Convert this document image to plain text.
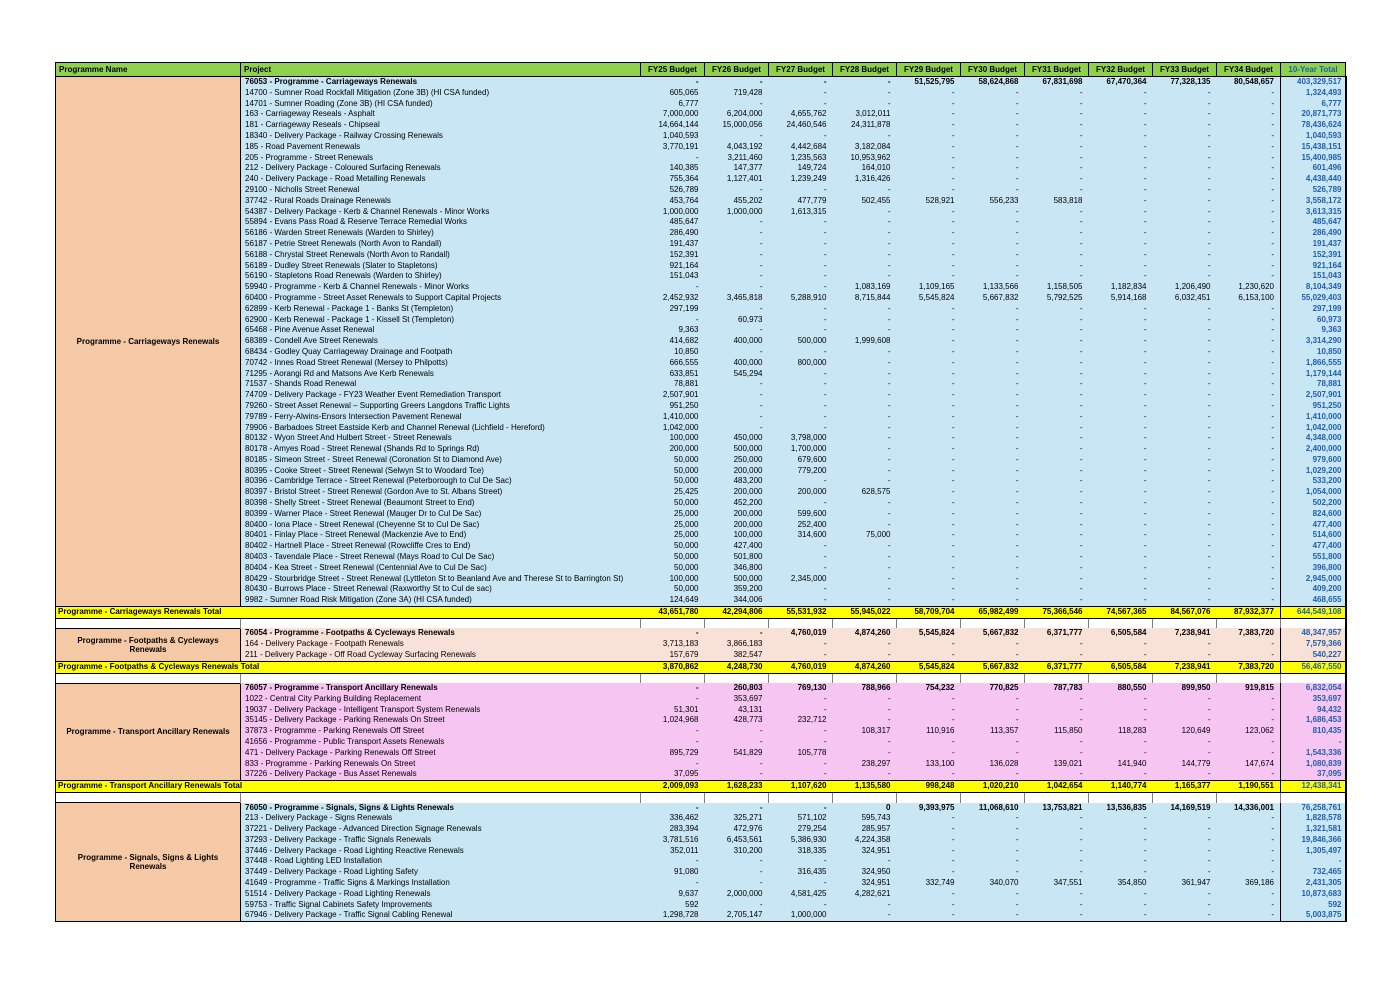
Programme Name	Project	FY25 Budget	FY26 Budget	FY27 Budget	FY28 Budget	FY29 Budget	FY30 Budget	FY31 Budget	FY32 Budget	FY33 Budget	FY34 Budget	10-Year Total
Programme - Carriageways Renewals	76053 - Programme - Carriageways Renewals	-	-	-	-	51,525,795	58,624,868	67,831,698	67,470,364	77,328,135	80,548,657	403,329,517
	14700 - Sumner Road Rockfall Mitigation (Zone 3B) (HI CSA funded)	605,065	719,428	-	-	-	-	-	-	-	-	1,324,493
	14701 - Sumner Roading (Zone 3B) (HI CSA funded)	6,777	-	-	-	-	-	-	-	-	-	6,777
	163 - Carriageway Reseals - Asphalt	7,000,000	6,204,000	4,655,762	3,012,011	-	-	-	-	-	-	20,871,773
	181 - Carriageway Reseals - Chipseal	14,664,144	15,000,056	24,460,546	24,311,878	-	-	-	-	-	-	78,436,624
	18340 - Delivery Package - Railway Crossing Renewals	1,040,593	-	-	-	-	-	-	-	-	-	1,040,593
	185 - Road Pavement Renewals	3,770,191	4,043,192	4,442,684	3,182,084	-	-	-	-	-	-	15,438,151
	205 - Programme - Street Renewals	-	3,211,460	1,235,563	10,953,962	-	-	-	-	-	-	15,400,985
	212 - Delivery Package - Coloured Surfacing Renewals	140,385	147,377	149,724	164,010	-	-	-	-	-	-	601,496
	240 - Delivery Package - Road Metalling Renewals	755,364	1,127,401	1,239,249	1,316,426	-	-	-	-	-	-	4,438,440
	29100 - Nicholls Street Renewal	526,789	-	-	-	-	-	-	-	-	-	526,789
	37742 - Rural Roads Drainage Renewals	453,764	455,202	477,779	502,455	528,921	556,233	583,818	-	-	-	3,558,172
	54387 - Delivery Package - Kerb & Channel Renewals - Minor Works	1,000,000	1,000,000	1,613,315	-	-	-	-	-	-	-	3,613,315
	55894 - Evans Pass Road & Reserve Terrace Remedial Works	485,647	-	-	-	-	-	-	-	-	-	485,647
	56186 - Warden Street Renewals (Warden to Shirley)	286,490	-	-	-	-	-	-	-	-	-	286,490
	56187 - Petrie Street Renewals (North Avon to Randall)	191,437	-	-	-	-	-	-	-	-	-	191,437
	56188 - Chrystal Street Renewals (North Avon to Randall)	152,391	-	-	-	-	-	-	-	-	-	152,391
	56189 - Dudley Street Renewals (Slater to Stapletons)	921,164	-	-	-	-	-	-	-	-	-	921,164
	56190 - Stapletons Road Renewals (Warden to Shirley)	151,043	-	-	-	-	-	-	-	-	-	151,043
	59940 - Programme - Kerb & Channel Renewals - Minor Works	-	-	-	1,083,169	1,109,165	1,133,566	1,158,505	1,182,834	1,206,490	1,230,620	8,104,349
	60400 - Programme - Street Asset Renewals to Support Capital Projects	2,452,932	3,465,818	5,288,910	8,715,844	5,545,824	5,667,832	5,792,525	5,914,168	6,032,451	6,153,100	55,029,403
	62899 - Kerb Renewal - Package 1 - Banks St (Templeton)	297,199	-	-	-	-	-	-	-	-	-	297,199
	62900 - Kerb Renewal - Package 1 - Kissell St (Templeton)	-	60,973	-	-	-	-	-	-	-	-	60,973
	65468 - Pine Avenue Asset Renewal	9,363	-	-	-	-	-	-	-	-	-	9,363
	68389 - Condell Ave Street Renewals	414,682	400,000	500,000	1,999,608	-	-	-	-	-	-	3,314,290
	68434 - Godley Quay Carriageway Drainage and Footpath	10,850	-	-	-	-	-	-	-	-	-	10,850
	70742 - Innes Road Street Renewal (Mersey to Philpotts)	666,555	400,000	800,000	-	-	-	-	-	-	-	1,866,555
	71295 - Aorangi Rd and Matsons Ave Kerb Renewals	633,851	545,294	-	-	-	-	-	-	-	-	1,179,144
	71537 - Shands Road Renewal	78,881	-	-	-	-	-	-	-	-	-	78,881
	74709 - Delivery Package - FY23 Weather Event Remediation Transport	2,507,901	-	-	-	-	-	-	-	-	-	2,507,901
	79260 - Street Asset Renewal – Supporting Greers Langdons Traffic Lights	951,250	-	-	-	-	-	-	-	-	-	951,250
	79789 - Ferry-Alwins-Ensors Intersection Pavement Renewal	1,410,000	-	-	-	-	-	-	-	-	-	1,410,000
	79906 - Barbadoes Street Eastside Kerb and Channel Renewal (Lichfield - Hereford)	1,042,000	-	-	-	-	-	-	-	-	-	1,042,000
	80132 - Wyon Street And Hulbert Street - Street Renewals	100,000	450,000	3,798,000	-	-	-	-	-	-	-	4,348,000
	80178 - Amyes Road - Street Renewal (Shands Rd to Springs Rd)	200,000	500,000	1,700,000	-	-	-	-	-	-	-	2,400,000
	80185 - Simeon Street - Street Renewal (Coronation St to Diamond Ave)	50,000	250,000	679,600	-	-	-	-	-	-	-	979,600
	80395 - Cooke Street - Street Renewal (Selwyn St to Woodard Tce)	50,000	200,000	779,200	-	-	-	-	-	-	-	1,029,200
	80396 - Cambridge Terrace - Street Renewal (Peterborough to Cul De Sac)	50,000	483,200	-	-	-	-	-	-	-	-	533,200
	80397 - Bristol Street - Street Renewal (Gordon Ave to St. Albans Street)	25,425	200,000	200,000	628,575	-	-	-	-	-	-	1,054,000
	80398 - Shelly Street - Street Renewal (Beaumont Street to End)	50,000	452,200	-	-	-	-	-	-	-	-	502,200
	80399 - Warner Place - Street Renewal (Mauger Dr to Cul De Sac)	25,000	200,000	599,600	-	-	-	-	-	-	-	824,600
	80400 - Iona Place - Street Renewal (Cheyenne St to Cul De Sac)	25,000	200,000	252,400	-	-	-	-	-	-	-	477,400
	80401 - Finlay Place - Street Renewal (Mackenzie Ave to End)	25,000	100,000	314,600	75,000	-	-	-	-	-	-	514,600
	80402 - Hartnell Place - Street Renewal (Rowcliffe Cres to End)	50,000	427,400	-	-	-	-	-	-	-	-	477,400
	80403 - Tavendale Place - Street Renewal (Mays Road to Cul De Sac)	50,000	501,800	-	-	-	-	-	-	-	-	551,800
	80404 - Kea Street - Street Renewal (Centennial Ave to Cul De Sac)	50,000	346,800	-	-	-	-	-	-	-	-	396,800
	80429 - Stourbridge Street - Street Renewal (Lyttleton St to Beanland Ave and Therese St to Barrington St)	100,000	500,000	2,345,000	-	-	-	-	-	-	-	2,945,000
	80430 - Burrows Place - Street Renewal (Raxworthy St to Cul de sac)	50,000	359,200	-	-	-	-	-	-	-	-	409,200
	9982 - Sumner Road Risk Mitigation (Zone 3A) (HI CSA funded)	124,649	344,006	-	-	-	-	-	-	-	-	468,655
Programme - Carriageways Renewals Total		43,651,780	42,294,806	55,531,932	55,945,022	58,709,704	65,982,499	75,366,546	74,567,365	84,567,076	87,932,377	644,549,108

Programme - Footpaths & Cycleways Renewals	76054 - Programme - Footpaths & Cycleways Renewals	-	-	4,760,019	4,874,260	5,545,824	5,667,832	6,371,777	6,505,584	7,238,941	7,383,720	48,347,957
	164 - Delivery Package - Footpath Renewals	3,713,183	3,866,183	-	-	-	-	-	-	-	-	7,579,366
	211 - Delivery Package - Off Road Cycleway Surfacing Renewals	157,679	382,547	-	-	-	-	-	-	-	-	540,227
Programme - Footpaths & Cycleways Renewals Total		3,870,862	4,248,730	4,760,019	4,874,260	5,545,824	5,667,832	6,371,777	6,505,584	7,238,941	7,383,720	56,467,550

Programme - Transport Ancillary Renewals	76057 - Programme - Transport Ancillary Renewals	-	260,803	769,130	788,966	754,232	770,825	787,783	880,550	899,950	919,815	6,832,054
	1022 - Central City Parking Building Replacement	-	353,697	-	-	-	-	-	-	-	-	353,697
	19037 - Delivery Package - Intelligent Transport System Renewals	51,301	43,131	-	-	-	-	-	-	-	-	94,432
	35145 - Delivery Package - Parking Renewals On Street	1,024,968	428,773	232,712	-	-	-	-	-	-	-	1,686,453
	37873 - Programme - Parking Renewals Off Street	-	-	-	108,317	110,916	113,357	115,850	118,283	120,649	123,062	810,435
	41656 - Programme - Public Transport Assets Renewals	-	-	-	-	-	-	-	-	-	-	-
	471 - Delivery Package - Parking Renewals Off Street	895,729	541,829	105,778	-	-	-	-	-	-	-	1,543,336
	833 - Programme - Parking Renewals On Street	-	-	-	238,297	133,100	136,028	139,021	141,940	144,779	147,674	1,080,839
	37226 - Delivery Package - Bus Asset Renewals	37,095	-	-	-	-	-	-	-	-	-	37,095
Programme - Transport Ancillary Renewals Total		2,009,093	1,628,233	1,107,620	1,135,580	998,248	1,020,210	1,042,654	1,140,774	1,165,377	1,190,551	12,438,341

Programme - Signals, Signs & Lights Renewals	76050 - Programme - Signals, Signs & Lights Renewals	-	-	-	0	9,393,975	11,068,610	13,753,821	13,536,835	14,169,519	14,336,001	76,258,761
	213 - Delivery Package - Signs Renewals	336,462	325,271	571,102	595,743	-	-	-	-	-	-	1,828,578
	37221 - Delivery Package - Advanced Direction Signage Renewals	283,394	472,976	279,254	285,957	-	-	-	-	-	-	1,321,581
	37293 - Delivery Package - Traffic Signals Renewals	3,781,516	6,453,561	5,386,930	4,224,358	-	-	-	-	-	-	19,846,366
	37446 - Delivery Package - Road Lighting Reactive Renewals	352,011	310,200	318,335	324,951	-	-	-	-	-	-	1,305,497
	37448 - Road Lighting LED Installation	-	-	-	-	-	-	-	-	-	-	-
	37449 - Delivery Package - Road Lighting Safety	91,080	-	316,435	324,950	-	-	-	-	-	-	732,465
	41649 - Programme - Traffic Signs & Markings Installation	-	-	-	324,951	332,749	340,070	347,551	354,850	361,947	369,186	2,431,305
	51514 - Delivery Package - Road Lighting Renewals	9,637	2,000,000	4,581,425	4,282,621	-	-	-	-	-	-	10,873,683
	59753 - Traffic Signal Cabinets Safety Improvements	592	-	-	-	-	-	-	-	-	-	592
	67946 - Delivery Package - Traffic Signal Cabling Renewal	1,298,728	2,705,147	1,000,000	-	-	-	-	-	-	-	5,003,875
